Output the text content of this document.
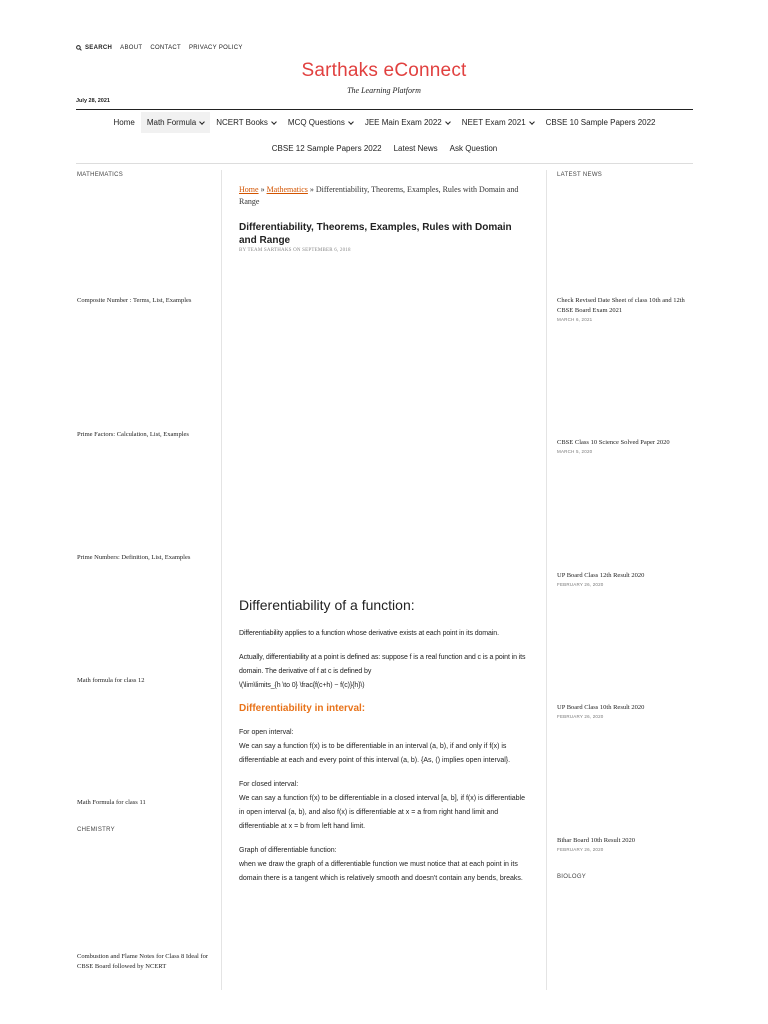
SEARCH ABOUT CONTACT PRIVACY POLICY
Sarthaks eConnect
The Learning Platform
July 28, 2021
Home Math Formula	NCERT Books	MCQ Questions	JEE Main Exam 2022	NEET Exam 2021	CBSE 10 Sample Papers 2022
CBSE 12 Sample Papers 2022 Latest News Ask Question
MATHEMATICS
Composite Number : Terms, List, Examples
Prime Factors: Calculation, List, Examples
Prime Numbers: Definition, List, Examples
Math formula for class 12
Math Formula for class 11
CHEMISTRY
Combustion and Flame Notes for Class 8 Ideal for CBSE Board followed by NCERT
LATEST NEWS
Check Revised Date Sheet of class 10th and 12th CBSE Board Exam 2021
MARCH 6, 2021
CBSE Class 10 Science Solved Paper 2020
MARCH 5, 2020
UP Board Class 12th Result 2020
FEBRUARY 26, 2020
UP Board Class 10th Result 2020
FEBRUARY 26, 2020
Bihar Board 10th Result 2020
FEBRUARY 26, 2020
BIOLOGY
Home » Mathematics » Differentiability, Theorems, Examples, Rules with Domain and Range
Differentiability, Theorems, Examples, Rules with Domain and Range
BY TEAM SARTHAKS ON SEPTEMBER 6, 2018
Differentiability of a function:

Differentiability applies to a function whose derivative exists at each point in its domain.

Actually, differentiability at a point is defined as: suppose f is a real function and c is a point in its domain. The derivative of f at c is defined by
\(\lim\limits_{h \to 0} \frac{f(c+h) − f(c)}{h}\)

Differentiability in interval:
For open interval:
We can say a function f(x) is to be differentiable in an interval (a, b), if and only if f(x) is differentiable at each and every point of this interval (a, b). {As, () implies open interval}.
For closed interval:
We can say a function f(x) to be differentiable in a closed interval [a, b], if f(x) is differentiable in open interval (a, b), and also f(x) is differentiable at x = a from right hand limit and differentiable at x = b from left hand limit.
Graph of differentiable function:
when we draw the graph of a differentiable function we must notice that at each point in its domain there is a tangent which is relatively smooth and doesn't contain any bends, breaks.
